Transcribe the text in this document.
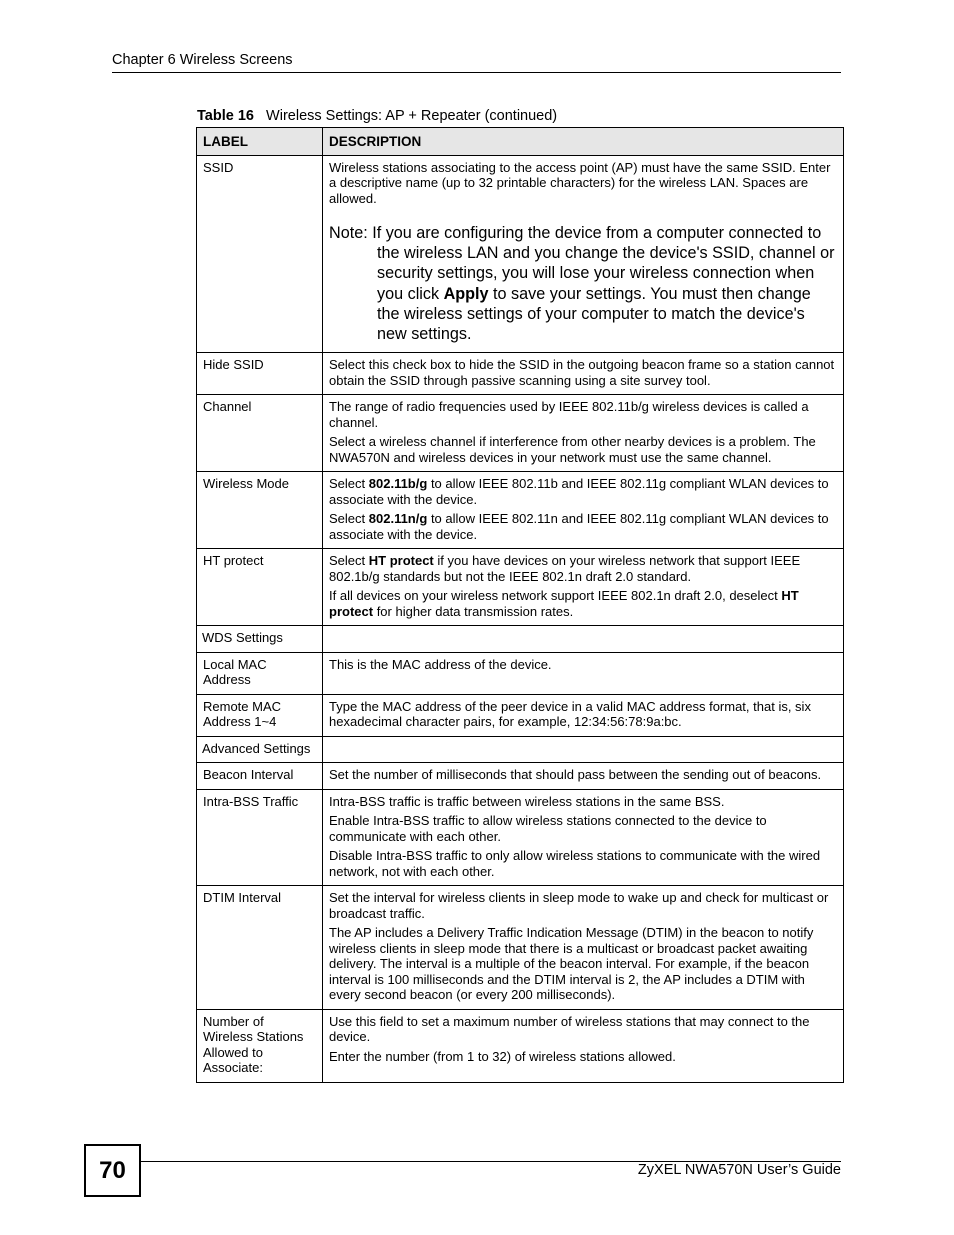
Chapter 6 Wireless Screens
Table 16 Wireless Settings: AP + Repeater (continued)
LABEL	DESCRIPTION
SSID	Wireless stations associating to the access point (AP) must have the same SSID. Enter a descriptive name (up to 32 printable characters) for the wireless LAN. Spaces are allowed.

Note: If you are configuring the device from a computer connected to the wireless LAN and you change the device's SSID, channel or security settings, you will lose your wireless connection when you click Apply to save your settings. You must then change the wireless settings of your computer to match the device's new settings.

Hide SSID	Select this check box to hide the SSID in the outgoing beacon frame so a station cannot obtain the SSID through passive scanning using a site survey tool.
Channel	The range of radio frequencies used by IEEE 802.11b/g wireless devices is called a channel.

Select a wireless channel if interference from other nearby devices is a problem. The NWA570N and wireless devices in your network must use the same channel.

Wireless Mode	Select 802.11b/g to allow IEEE 802.11b and IEEE 802.11g compliant WLAN devices to associate with the device.

Select 802.11n/g to allow IEEE 802.11n and IEEE 802.11g compliant WLAN devices to associate with the device.

HT protect	Select HT protect if you have devices on your wireless network that support IEEE 802.1b/g standards but not the IEEE 802.1n draft 2.0 standard.

If all devices on your wireless network support IEEE 802.1n draft 2.0, deselect HT protect for higher data transmission rates.

WDS Settings	
Local MAC Address	This is the MAC address of the device.
Remote MAC Address 1~4	Type the MAC address of the peer device in a valid MAC address format, that is, six hexadecimal character pairs, for example, 12:34:56:78:9a:bc.
Advanced Settings	
Beacon Interval	Set the number of milliseconds that should pass between the sending out of beacons.
Intra-BSS Traffic	Intra-BSS traffic is traffic between wireless stations in the same BSS.

Enable Intra-BSS traffic to allow wireless stations connected to the device to communicate with each other.

Disable Intra-BSS traffic to only allow wireless stations to communicate with the wired network, not with each other.

DTIM Interval	Set the interval for wireless clients in sleep mode to wake up and check for multicast or broadcast traffic.

The AP includes a Delivery Traffic Indication Message (DTIM) in the beacon to notify wireless clients in sleep mode that there is a multicast or broadcast packet awaiting delivery. The interval is a multiple of the beacon interval. For example, if the beacon interval is 100 milliseconds and the DTIM interval is 2, the AP includes a DTIM with every second beacon (or every 200 milliseconds).

Number of Wireless Stations Allowed to Associate:	Use this field to set a maximum number of wireless stations that may connect to the device.

Enter the number (from 1 to 32) of wireless stations allowed.

70	ZyXEL NWA570N User’s Guide
